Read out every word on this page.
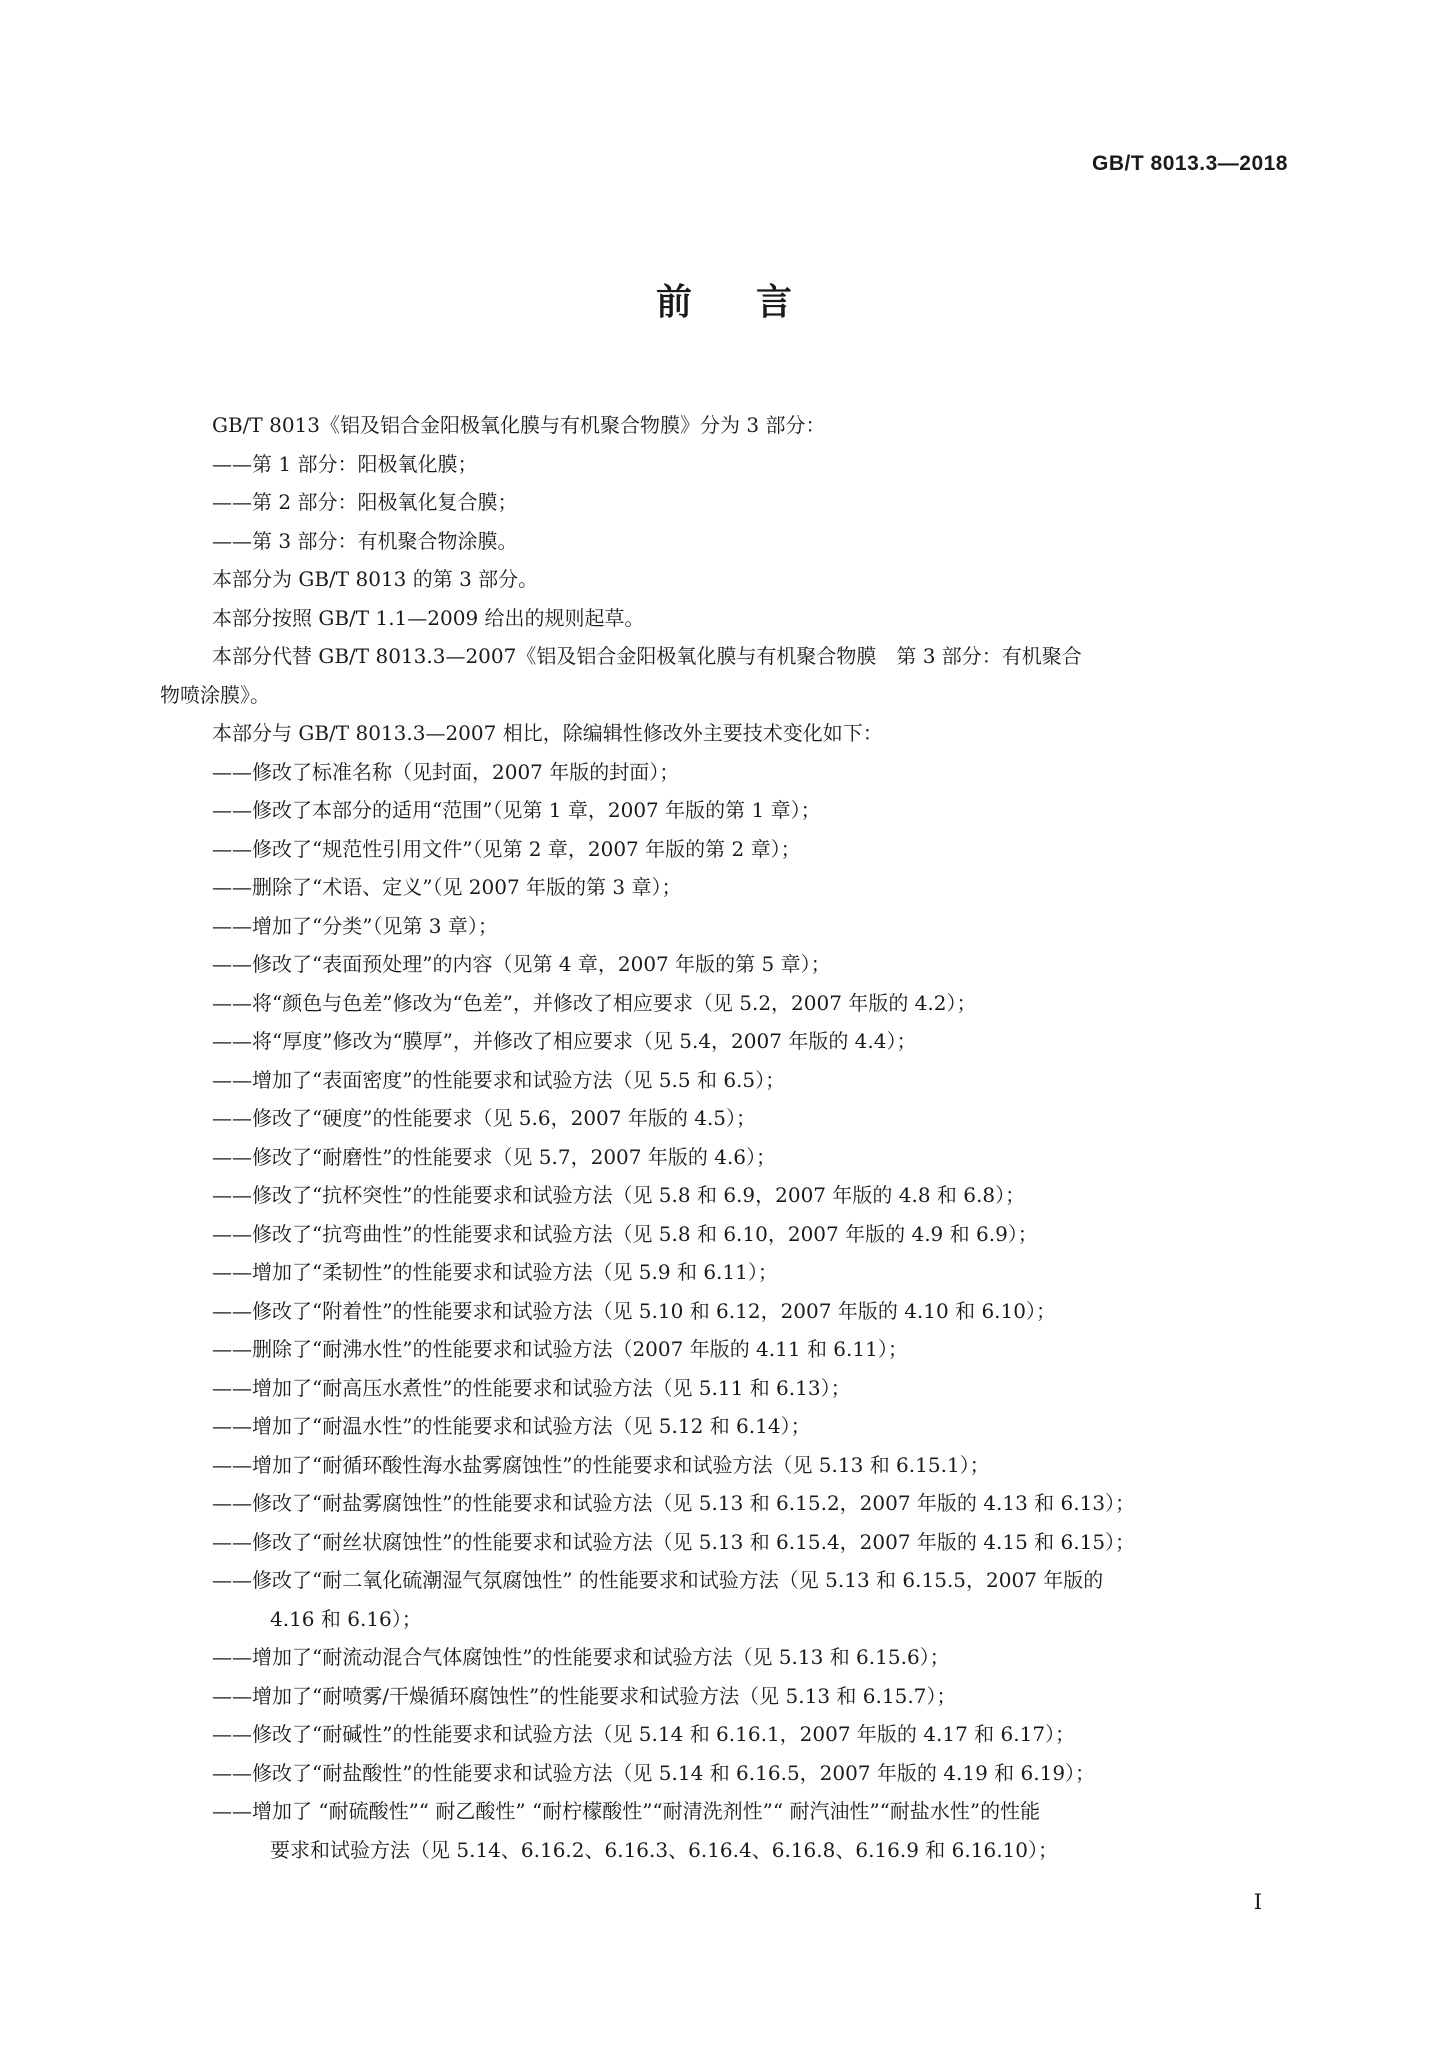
GB/T 8013.3—2018
前言
GB/T 8013《铝及铝合金阳极氧化膜与有机聚合物膜》分为 3 部分：
——第 1 部分：阳极氧化膜；
——第 2 部分：阳极氧化复合膜；
——第 3 部分：有机聚合物涂膜。
本部分为 GB/T 8013 的第 3 部分。
本部分按照 GB/T 1.1—2009 给出的规则起草。
本部分代替 GB/T 8013.3—2007《铝及铝合金阳极氧化膜与有机聚合物膜　第 3 部分：有机聚合
物喷涂膜》。
本部分与 GB/T 8013.3—2007 相比，除编辑性修改外主要技术变化如下：
——修改了标准名称（见封面，2007 年版的封面）；
——修改了本部分的适用“范围”（见第 1 章，2007 年版的第 1 章）；
——修改了“规范性引用文件”（见第 2 章，2007 年版的第 2 章）；
——删除了“术语、定义”（见 2007 年版的第 3 章）；
——增加了“分类”（见第 3 章）；
——修改了“表面预处理”的内容（见第 4 章，2007 年版的第 5 章）；
——将“颜色与色差”修改为“色差”，并修改了相应要求（见 5.2，2007 年版的 4.2）；
——将“厚度”修改为“膜厚”，并修改了相应要求（见 5.4，2007 年版的 4.4）；
——增加了“表面密度”的性能要求和试验方法（见 5.5 和 6.5）；
——修改了“硬度”的性能要求（见 5.6，2007 年版的 4.5）；
——修改了“耐磨性”的性能要求（见 5.7，2007 年版的 4.6）；
——修改了“抗杯突性”的性能要求和试验方法（见 5.8 和 6.9，2007 年版的 4.8 和 6.8）；
——修改了“抗弯曲性”的性能要求和试验方法（见 5.8 和 6.10，2007 年版的 4.9 和 6.9）；
——增加了“柔韧性”的性能要求和试验方法（见 5.9 和 6.11）；
——修改了“附着性”的性能要求和试验方法（见 5.10 和 6.12，2007 年版的 4.10 和 6.10）；
——删除了“耐沸水性”的性能要求和试验方法（2007 年版的 4.11 和 6.11）；
——增加了“耐高压水煮性”的性能要求和试验方法（见 5.11 和 6.13）；
——增加了“耐温水性”的性能要求和试验方法（见 5.12 和 6.14）；
——增加了“耐循环酸性海水盐雾腐蚀性”的性能要求和试验方法（见 5.13 和 6.15.1）；
——修改了“耐盐雾腐蚀性”的性能要求和试验方法（见 5.13 和 6.15.2，2007 年版的 4.13 和 6.13）；
——修改了“耐丝状腐蚀性”的性能要求和试验方法（见 5.13 和 6.15.4，2007 年版的 4.15 和 6.15）；
——修改了“耐二氧化硫潮湿气氛腐蚀性” 的性能要求和试验方法（见 5.13 和 6.15.5，2007 年版的
4.16 和 6.16）；
——增加了“耐流动混合气体腐蚀性”的性能要求和试验方法（见 5.13 和 6.15.6）；
——增加了“耐喷雾/干燥循环腐蚀性”的性能要求和试验方法（见 5.13 和 6.15.7）；
——修改了“耐碱性”的性能要求和试验方法（见 5.14 和 6.16.1，2007 年版的 4.17 和 6.17）；
——修改了“耐盐酸性”的性能要求和试验方法（见 5.14 和 6.16.5，2007 年版的 4.19 和 6.19）；
——增加了 “耐硫酸性”“ 耐乙酸性” “耐柠檬酸性”“耐清洗剂性”“ 耐汽油性”“耐盐水性”的性能
要求和试验方法（见 5.14、6.16.2、6.16.3、6.16.4、6.16.8、6.16.9 和 6.16.10）；
I
